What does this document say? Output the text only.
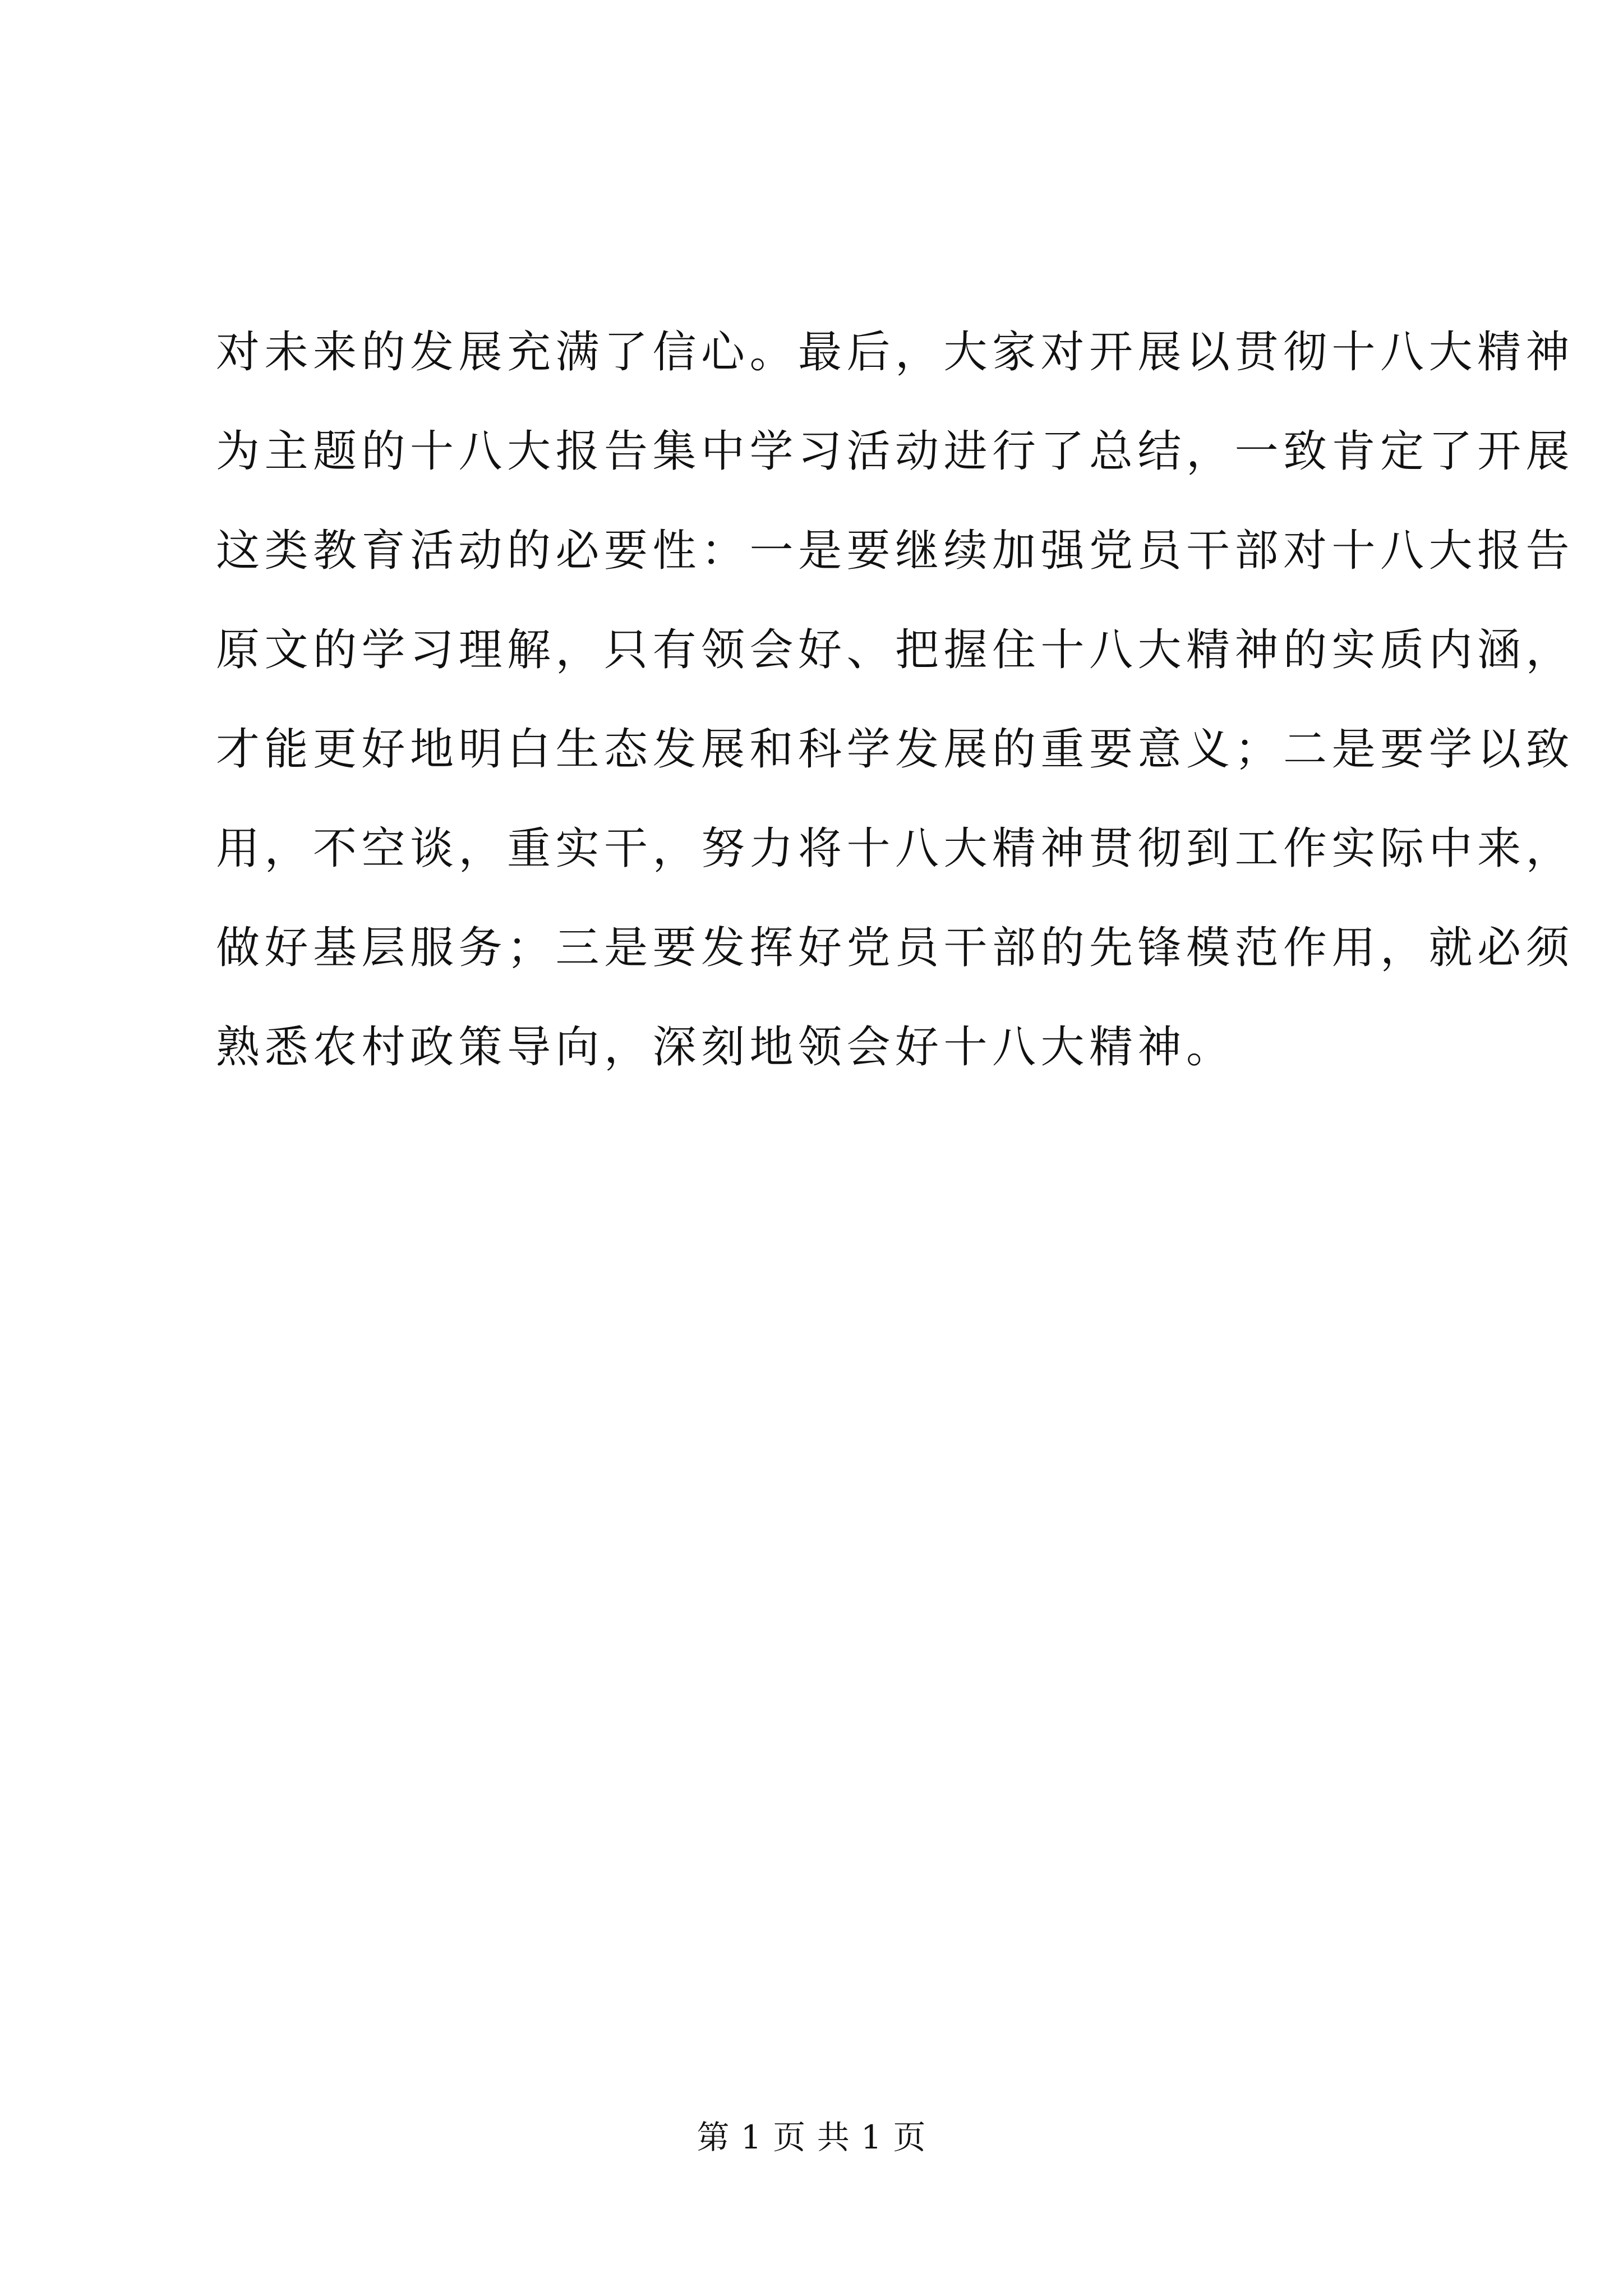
对未来的发展充满了信心。最后，大家对开展以贯彻十八大精神
为主题的十八大报告集中学习活动进行了总结，一致肯定了开展
这类教育活动的必要性：一是要继续加强党员干部对十八大报告
原文的学习理解，只有领会好、把握住十八大精神的实质内涵，
才能更好地明白生态发展和科学发展的重要意义；二是要学以致
用，不空谈，重实干，努力将十八大精神贯彻到工作实际中来，
做好基层服务；三是要发挥好党员干部的先锋模范作用，就必须
熟悉农村政策导向，深刻地领会好十八大精神。
第 1 页 共 1 页
